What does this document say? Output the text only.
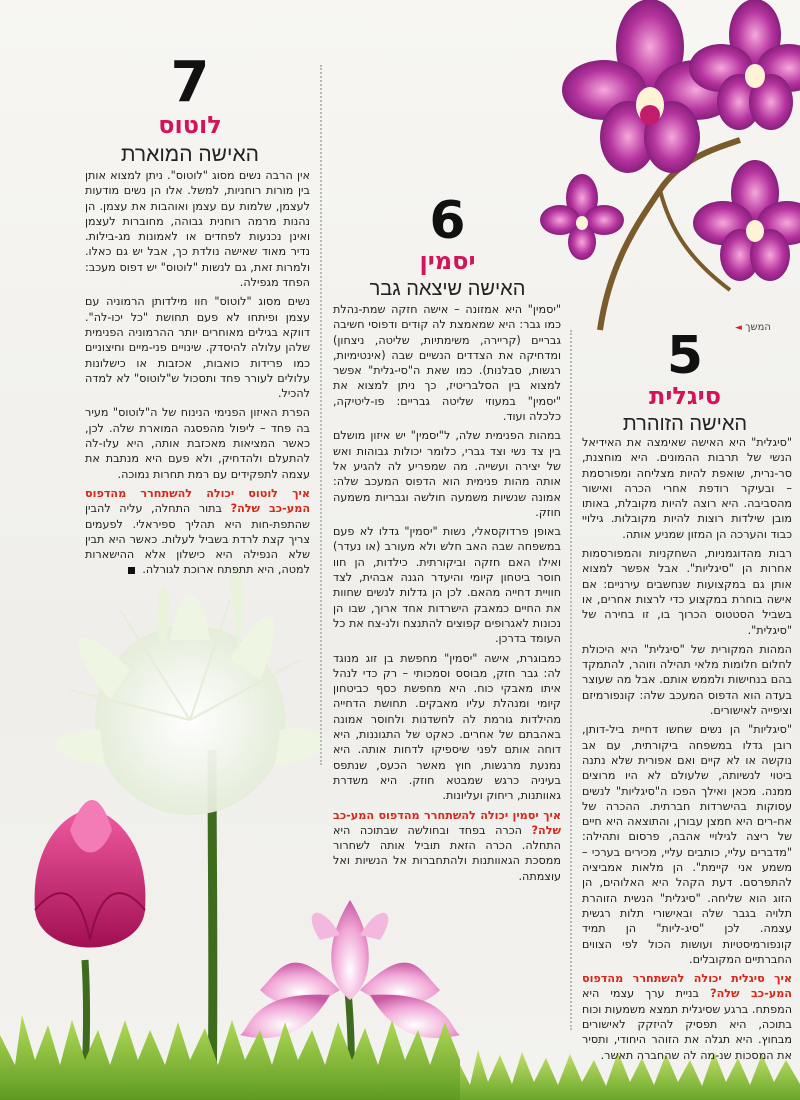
המשך ◄
7
לוטוס
האישה המוארת

אין הרבה נשים מסוג "לוטוס". ניתן למצוא אותן בין מורות רוחניות, למשל. אלו הן נשים מודעות לעצמן, שלמות עם עצמן ואוהבות את עצמן. הן נהנות מרמה רוחנית גבוהה, מחוברות לעצמן ואינן נכנעות לפחדים או לאמונות מג-בילות. נדיר מאוד שאישה נולדת כך, אבל יש גם כאלו. ולמרות זאת, גם לנשות "לוטוס" יש דפוס מעכב: הפחד מגפילה.

נשים מסוג "לוטוס" חוו מילדותן הרמוניה עם עצמן ופיתחו לא פעם תחושת "כל יכו-לה". דווקא בגילים מאוחרים יותר ההרמוניה הפנימית שלהן עלולה להיסדק. שינויים פני-מיים וחיצוניים כמו פרידות כואבות, אכזבות או כישלונות עלולים לעורר פחד ותסכול ש"לוטוס" לא למדה להכיל.

הפרת האיזון הפנימי הנינוח של ה"לוטוס" מעיר בה פחד – ליפול מהפסגה המוארת שלה. לכן, כאשר המציאות מאכזבת אותה, היא עלו-לה להתעלם ולהדחיק, ולא פעם היא מנתבת את עצמה לתפקידים עם רמת תחרות נמוכה.

איך לוטוס יכולה להשתחרר מהדפוס המע-כב שלה? בתור התחלה, עליה להבין שהתפת-חות היא תהליך ספיראלי. לפעמים צריך קצת לרדת בשביל לעלות. כאשר היא תבין שלא הנפילה היא כישלון אלא ההישארות למטה, היא תתפתח ארוכת לגורלה.

6
יסמין
האישה שיצאה גבר

"יסמין" היא אמזונה – אישה חזקה שמת-נהלת כמו גבר: היא שמאמצת לה קודים ודפוסי חשיבה גבריים (קריירה, משימתיות, שליטה, ניצחון) ומדחיקה את הצדדים הנשיים שבה (אינטימיות, רגשות, סבלנות). כמו שאת ה"סי-גלית" אפשר למצוא בין הסלבריטיז, כך ניתן למצוא את "יסמין" במעוזי שליטה גבריים: פו-ליטיקה, כלכלה ועוד.

במהות הפנימית שלה, ל"יסמין" יש איזון מושלם בין צד נשי וצד גברי, כלומר יכולות גבוהות ואש של יצירה ועשייה. מה שמפריע לה להגיע אל אותה מהות פנימית הוא הדפוס המעכב שלה: אמונה שנשיות משמעה חולשה וגבריות משמעה חוזק.

באופן פרדוקסאלי, נשות "יסמין" גדלו לא פעם במשפחה שבה האב חלש ולא מעורב (או נעדר) ואילו האם חזקה וביקורתית. כילדות, הן חוו חוסר ביטחון קיומי והיעדר הגנה אבהית, לצד חוויית דחייה מהאם. לכן הן גדלות לנשים שחוות את החיים כמאבק הישרדות אחד ארוך, שבו הן נכונות לאגרופים קפוצים להתנצח ולנ-צח את כל העומד בדרכן.

כמבוגרת, אישה "יסמין" מחפשת בן זוג מנוגד לה: גבר חזק, מבוסס וסמכותי – רק כדי לנהל איתו מאבקי כוח. היא מחפשת כסף כביטחון קיומי ומנהלת עליו מאבקים. תחושת הדחייה מהילדות גורמת לה לחשדנות ולחוסר אמונה באהבתם של אחרים. כאקט של התגוננות, היא דוחה אותם לפני שיספיקו לדחות אותה. היא נמנעת מרגשות, חוץ מאשר הכעס, שנתפס בעיניה כרגש שמבטא חוזק. היא משדרת גאוותנות, ריחוק ועליונות.

איך יסמין יכולה להשתחרר מהדפוס המע-כב שלה? הכרה בפחד ובחולשה שבתוכה היא התחלה. הכרה הזאת תוביל אותה לשחרור ממסכת הגאוותנות ולהתחברות אל הנשיות ואל עוצמתה.

5
סיגלית
האישה הזוהרת

"סיגלית" היא האישה שאימצה את האידיאל הנשי של תרבות ההמונים. היא מוחצנת, סר-נרית, שואפת להיות מצליחה ומפורסמת – ובעיקר רודפת אחרי הכרה ואישור מהסביבה. היא רוצה להיות מקובלת, באותו מובן שילדות רוצות להיות מקובלות. גילויי כבוד והערכה הן המזון שמניע אותה.

רבות מהדוגמניות, השחקניות והמפורסמות אחרות הן "סיגליות". אבל אפשר למצוא אותן גם במקצועות שנחשבים עירניים: אם אישה בוחרת במקצוע כדי לרצות אחרים, או בשביל הסטטוס הכרוך בו, זו בחירה של "סיגלית".

המהות המקורית של "סיגלית" היא היכולת לחלום חלומות מלאי תהילה וזוהר, להתמקד בהם בנחישות ולממש אותם. אבל מה שעוצר בעדה הוא הדפוס המעכב שלה: קונפורמיזם וציפייה לאישורים.

"סיגליות" הן נשים שחשו דחיית ביל-דותן, רובן גדלו במשפחה ביקורתית, עם אב נוקשה או לא קיים ואם אפורית שלא נתנה ביטוי לנשיותה, שלעולם לא היו מרוצים ממנה. מכאן ואילך הפכו ה"סיגליות" לנשים עסוקות בהישרדות חברתית. ההכרה של אח-רים היא חמצן עבורן, והתוצאה היא חיים של ריצה לגילויי אהבה, פרסום ותהילה: "מדברים עליי, כותבים עליי, מכירים בערכי – משמע אני קיימת". הן מלאות אמביציה להתפרסם. דעת הקהל היא האלוהים, הן הזוג הוא שליחה. "סיגלית" הנשית הזוהרת תלויה בגבר שלה ובאישורי תלות רגשית עצמה. לכן "סיג-ליות" הן תמיד קונפורמיסטיות ועושות הכול לפי הצווים החברתיים המקובלים.

איך סיגלית יכולה להשתחרר מהדפוס המע-כב שלה? בניית ערך עצמי היא המפתח. ברגע שסיגלית תמצא משמעות וכוח בתוכה, היא תפסיק להיזקק לאישורים מבחוץ. היא תגלה את הזוהר היחודי, ותסיר את המסכות שנ-מה לה שהחברה תאשר.
